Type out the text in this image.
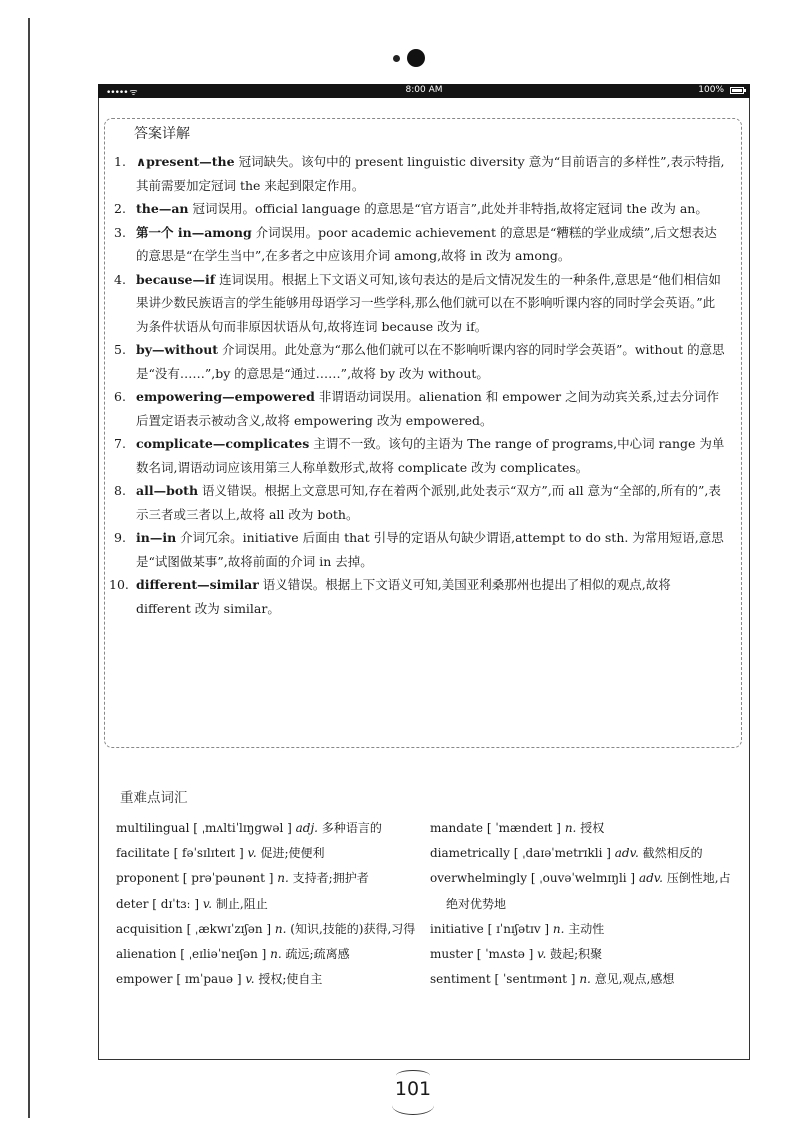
••••• ᯤ	8:00 AM	100%
答案详解
1. ∧present—the 冠词缺失。该句中的 present linguistic diversity 意为“目前语言的多样性”,表示特指,其前需要加定冠词 the 来起到限定作用。
2. the—an 冠词误用。official language 的意思是“官方语言”,此处并非特指,故将定冠词 the 改为 an。
3. 第一个 in—among 介词误用。poor academic achievement 的意思是“糟糕的学业成绩”,后文想表达的意思是“在学生当中”,在多者之中应该用介词 among,故将 in 改为 among。
4. because—if 连词误用。根据上下文语义可知,该句表达的是后文情况发生的一种条件,意思是“他们相信如果讲少数民族语言的学生能够用母语学习一些学科,那么他们就可以在不影响听课内容的同时学会英语。”此为条件状语从句而非原因状语从句,故将连词 because 改为 if。
5. by—without 介词误用。此处意为“那么他们就可以在不影响听课内容的同时学会英语”。without 的意思是“没有……”,by 的意思是“通过……”,故将 by 改为 without。
6. empowering—empowered 非谓语动词误用。alienation 和 empower 之间为动宾关系,过去分词作后置定语表示被动含义,故将 empowering 改为 empowered。
7. complicate—complicates 主谓不一致。该句的主语为 The range of programs,中心词 range 为单数名词,谓语动词应该用第三人称单数形式,故将 complicate 改为 complicates。
8. all—both 语义错误。根据上文意思可知,存在着两个派别,此处表示“双方”,而 all 意为“全部的,所有的”,表示三者或三者以上,故将 all 改为 both。
9. in—in 介词冗余。initiative 后面由 that 引导的定语从句缺少谓语,attempt to do sth. 为常用短语,意思是“试图做某事”,故将前面的介词 in 去掉。
10. different—similar 语义错误。根据上下文语义可知,美国亚利桑那州也提出了相似的观点,故将 different 改为 similar。
重难点词汇
multilingual [ ˌmʌltiˈlɪŋgwəl ] adj. 多种语言的
facilitate [ fəˈsɪlɪteɪt ] v. 促进;使便利
proponent [ prəˈpəunənt ] n. 支持者;拥护者
deter [ dɪˈtɜː ] v. 制止,阻止
acquisition [ ˌækwɪˈzɪʃən ] n. (知识,技能的)获得,习得
alienation [ ˌeɪliəˈneɪʃən ] n. 疏远;疏离感
empower [ ɪmˈpauə ] v. 授权;使自主
mandate [ ˈmændeɪt ] n. 授权
diametrically [ ˌdaɪəˈmetrɪkli ] adv. 截然相反的
overwhelmingly [ ˌouvəˈwelmɪŋli ] adv. 压倒性地,占绝对优势地
initiative [ ɪˈnɪʃətɪv ] n. 主动性
muster [ ˈmʌstə ] v. 鼓起;积聚
sentiment [ ˈsentɪmənt ] n. 意见,观点,感想
101
